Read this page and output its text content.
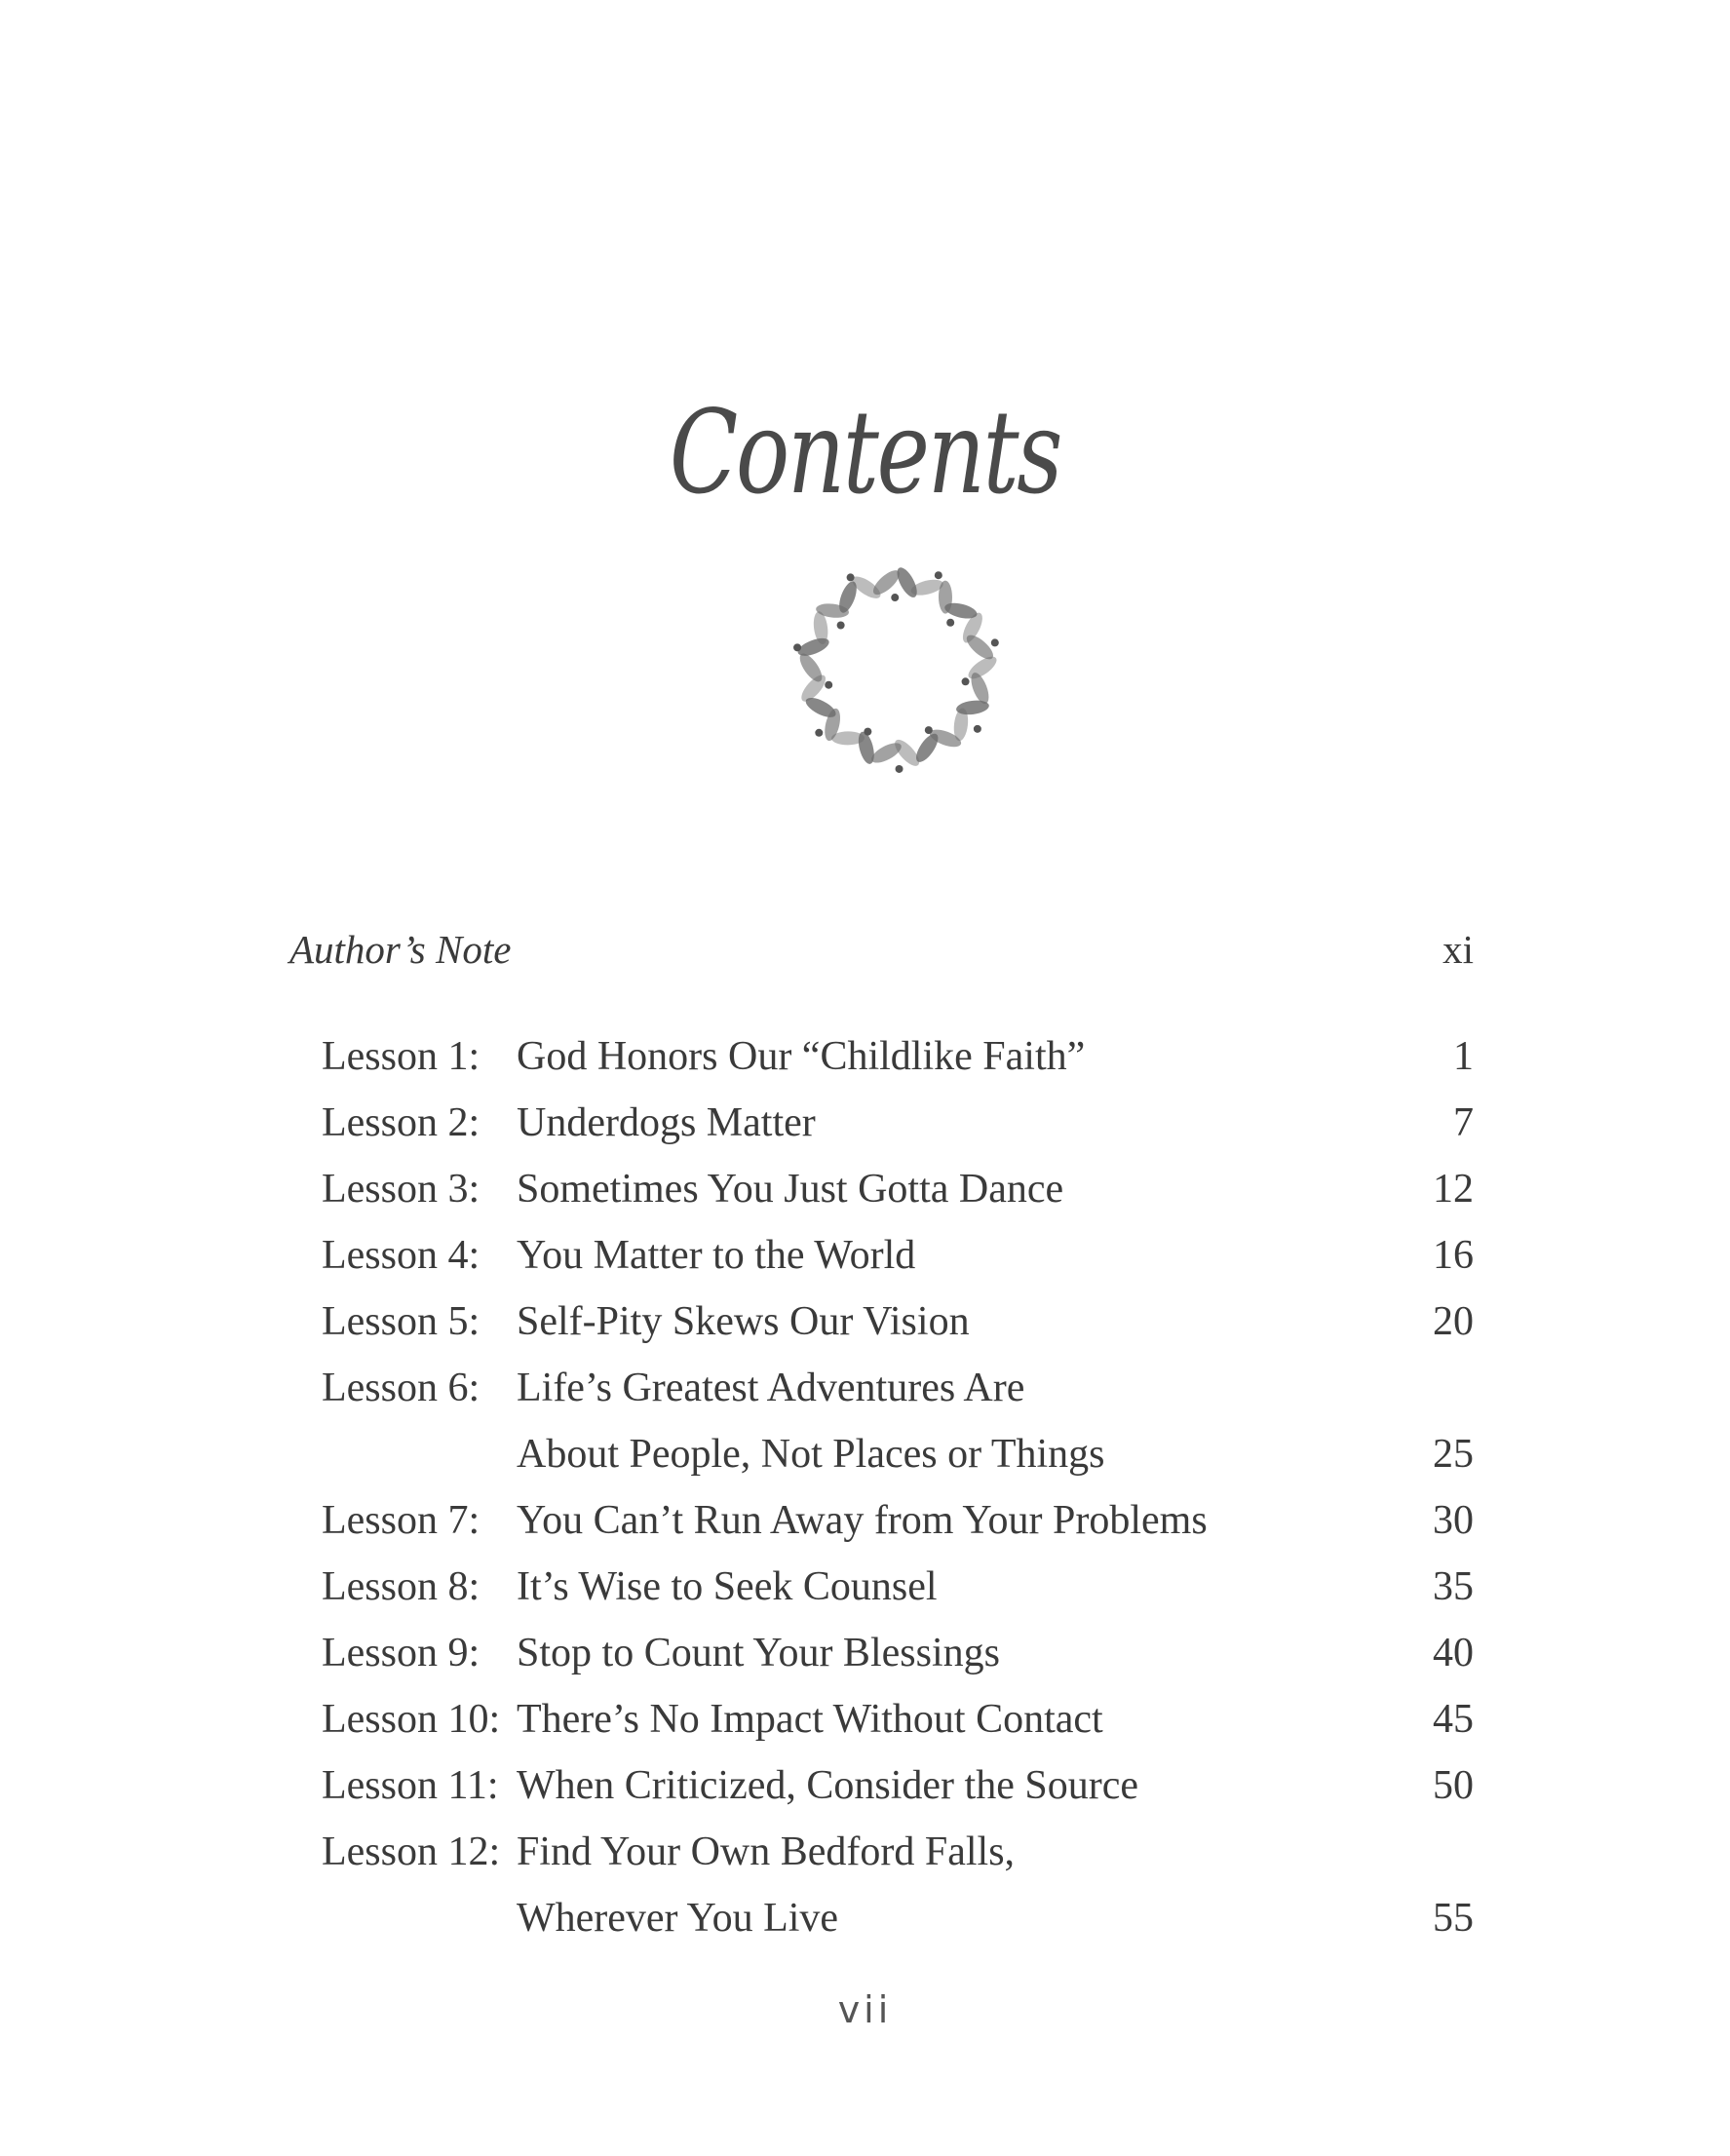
Contents
Author’s Note	xi
Lesson 1: God Honors Our “Childlike Faith”	1
Lesson 2: Underdogs Matter	7
Lesson 3: Sometimes You Just Gotta Dance	12
Lesson 4: You Matter to the World	16
Lesson 5: Self-Pity Skews Our Vision	20
Lesson 6: Life’s Greatest Adventures Are
About People, Not Places or Things	25
Lesson 7: You Can’t Run Away from Your Problems	30
Lesson 8: It’s Wise to Seek Counsel	35
Lesson 9: Stop to Count Your Blessings	40
Lesson 10: There’s No Impact Without Contact	45
Lesson 11: When Criticized, Consider the Source	50
Lesson 12: Find Your Own Bedford Falls,
Wherever You Live	55
vii
